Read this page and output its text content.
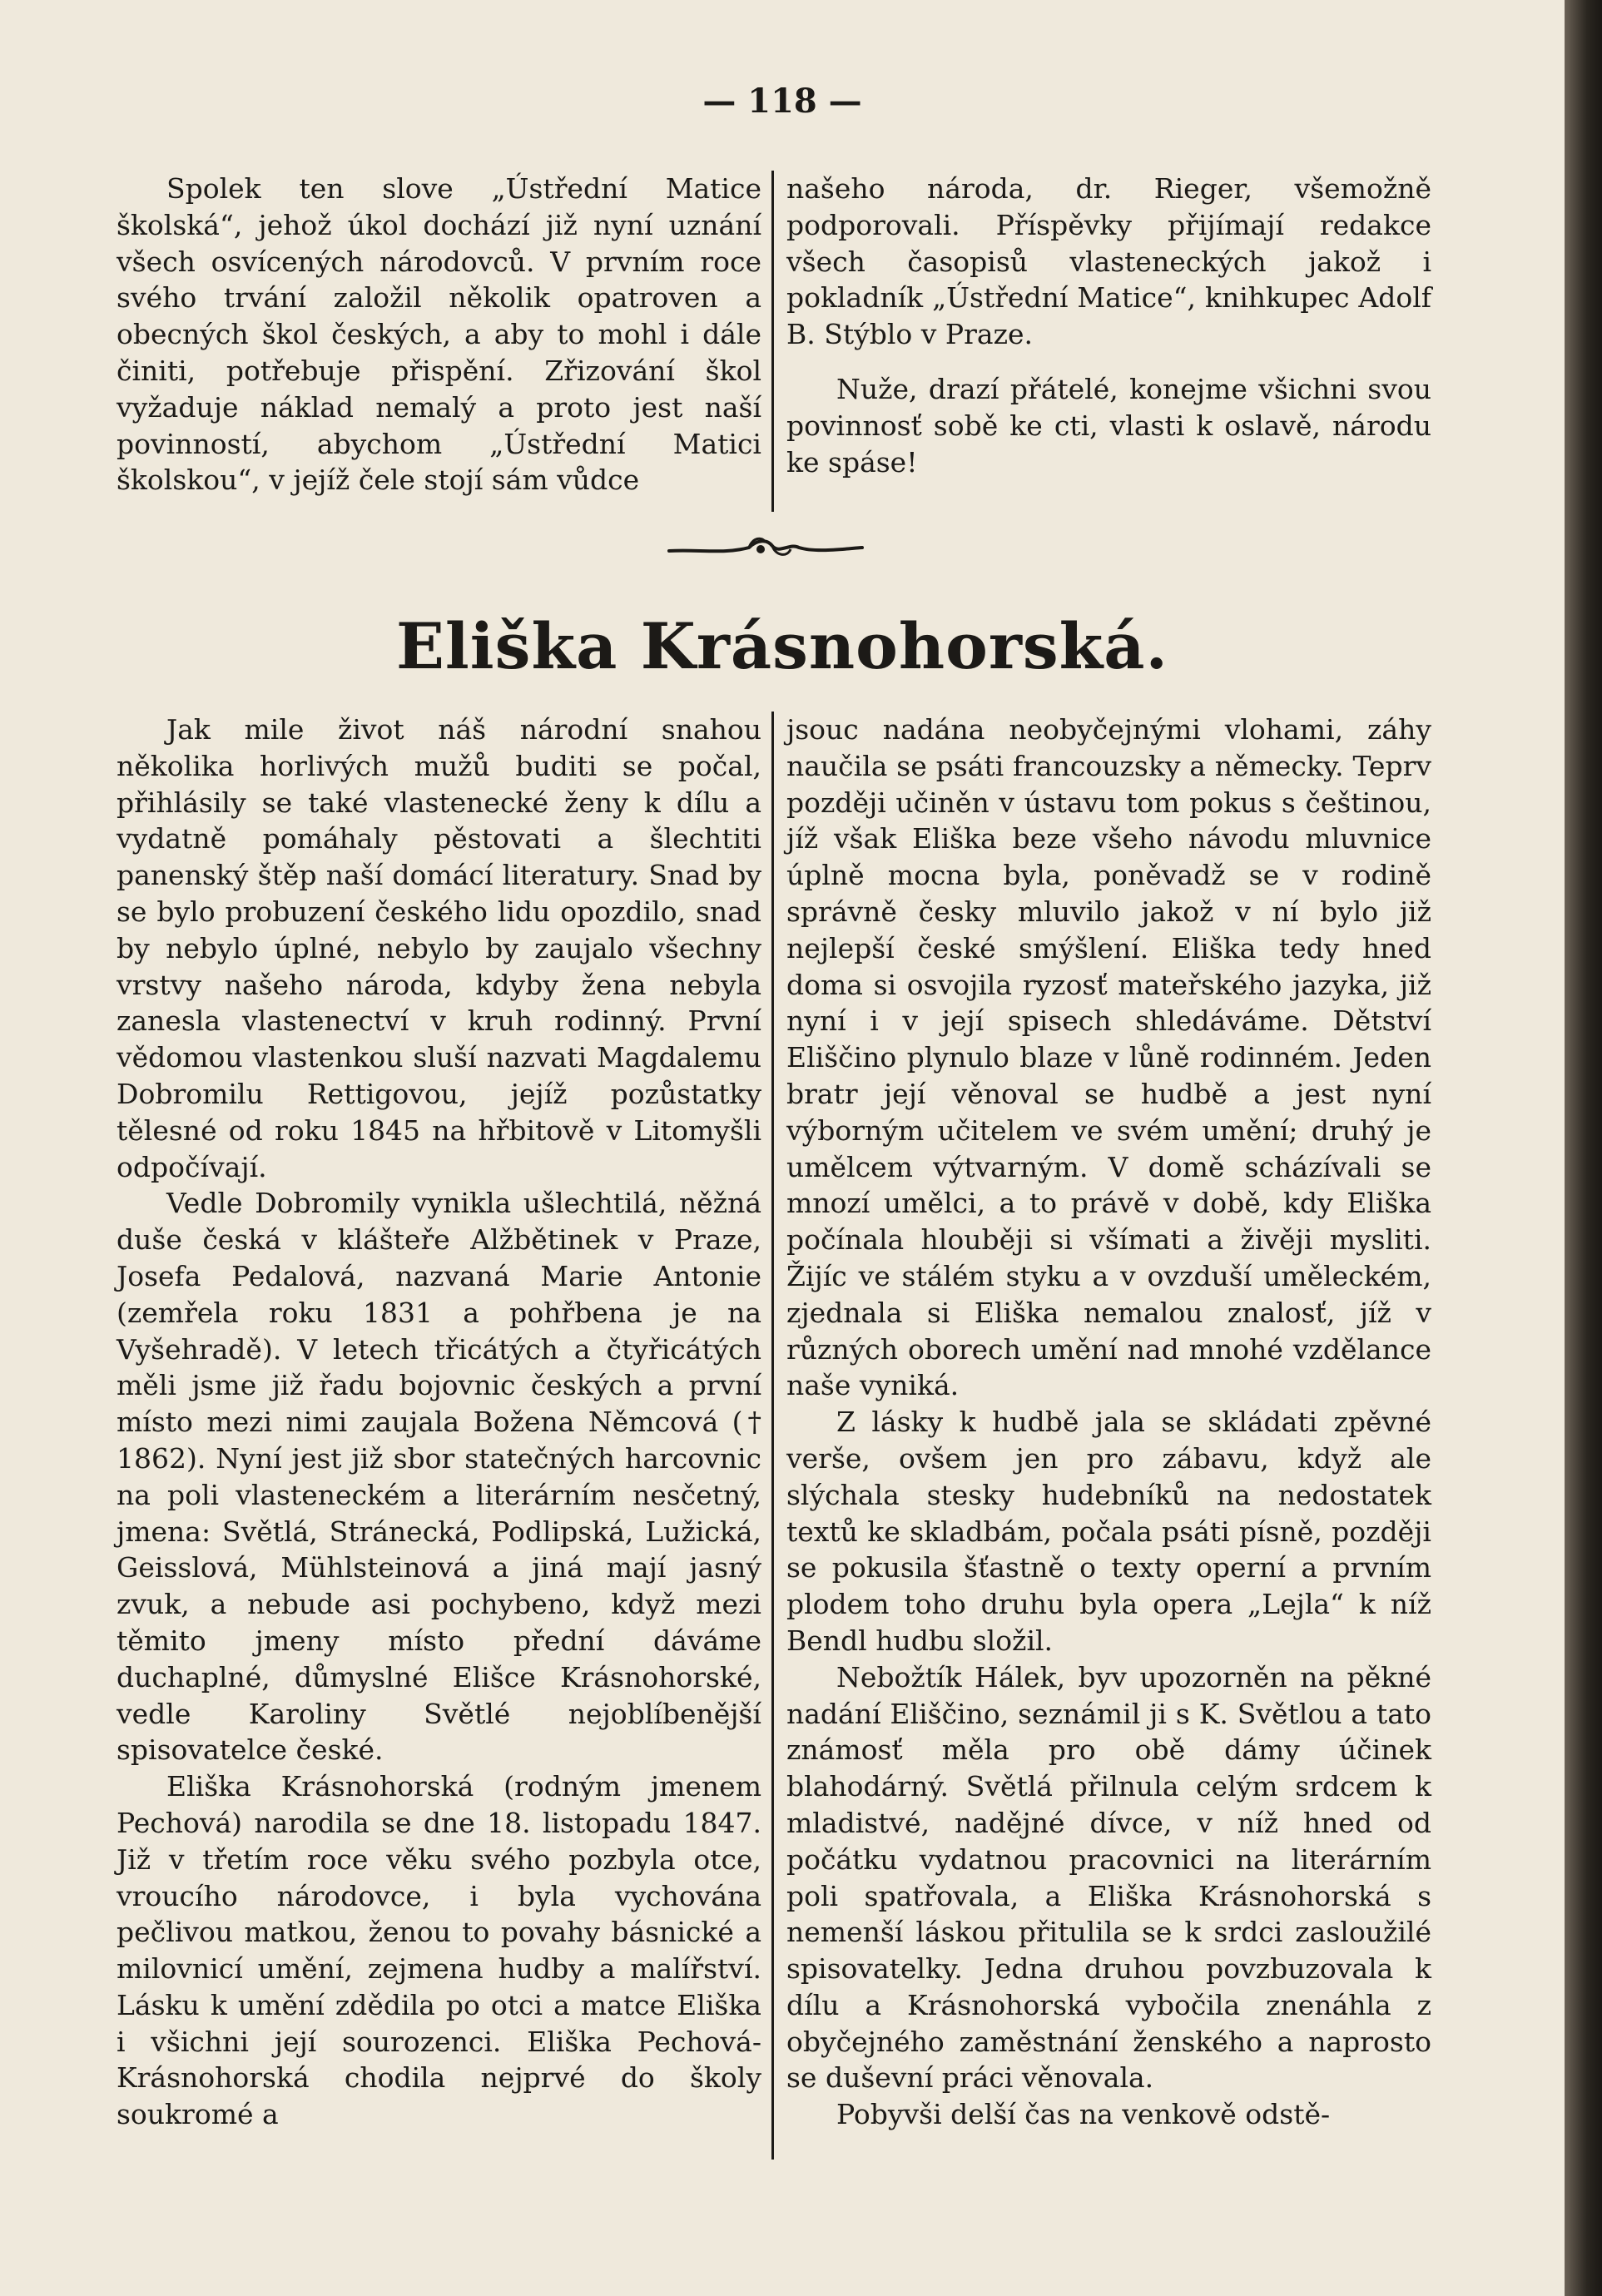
— 118 —

Spolek ten slove „Ústřední Matice školská“, jehož úkol dochází již nyní uznání všech osvícených národovců. V prvním roce svého trvání založil několik opatroven a obecných škol českých, a aby to mohl i dále činiti, potřebuje přispění. Zřizování škol vyžaduje náklad nemalý a proto jest naší povinností, abychom „Ústřední Matici školskou“, v jejíž čele stojí sám vůdce

našeho národa, dr. Rieger, všemožně podporovali. Příspěvky přijímají redakce všech časopisů vlasteneckých jakož i pokladník „Ústřední Matice“, knihkupec Adolf B. Stýblo v Praze.

Nuže, drazí přátelé, konejme všichni svou povinnosť sobě ke cti, vlasti k oslavě, národu ke spáse!

Eliška Krásnohorská.

Jak mile život náš národní snahou několika horlivých mužů buditi se počal, přihlásily se také vlastenecké ženy k dílu a vydatně pomáhaly pěstovati a šlechtiti panenský štěp naší domácí literatury. Snad by se bylo probuzení českého lidu opozdilo, snad by nebylo úplné, nebylo by zaujalo všechny vrstvy našeho národa, kdyby žena nebyla zanesla vlastenectví v kruh rodinný. První vědomou vlastenkou sluší nazvati Magdalemu Dobromilu Rettigovou, jejíž pozůstatky tělesné od roku 1845 na hřbitově v Litomyšli odpočívají.

Vedle Dobromily vynikla ušlechtilá, něžná duše česká v klášteře Alžbětinek v Praze, Josefa Pedalová, nazvaná Marie Antonie (zemřela roku 1831 a pohřbena je na Vyšehradě). V letech třicátých a čtyřicátých měli jsme již řadu bojovnic českých a první místo mezi nimi zaujala Božena Němcová († 1862). Nyní jest již sbor statečných harcovnic na poli vlasteneckém a literárním nesčetný, jmena: Světlá, Stránecká, Podlipská, Lužická, Geisslová, Mühlsteinová a jiná mají jasný zvuk, a nebude asi pochybeno, když mezi těmito jmeny místo přední dáváme duchaplné, důmyslné Elišce Krásnohorské, vedle Karoliny Světlé nejoblíbenější spisovatelce české.

Eliška Krásnohorská (rodným jmenem Pechová) narodila se dne 18. listopadu 1847. Již v třetím roce věku svého pozbyla otce, vroucího národovce, i byla vychována pečlivou matkou, ženou to povahy básnické a milovnicí umění, zejmena hudby a malířství. Lásku k umění zdědila po otci a matce Eliška i všichni její sourozenci. Eliška Pechová-Krásnohorská chodila nejprvé do školy soukromé a

jsouc nadána neobyčejnými vlohami, záhy naučila se psáti francouzsky a německy. Teprv později učiněn v ústavu tom pokus s češtinou, jíž však Eliška beze všeho návodu mluvnice úplně mocna byla, poněvadž se v rodině správně česky mluvilo jakož v ní bylo již nejlepší české smýšlení. Eliška tedy hned doma si osvojila ryzosť mateřského jazyka, již nyní i v její spisech shledáváme. Dětství Eliščino plynulo blaze v lůně rodinném. Jeden bratr její věnoval se hudbě a jest nyní výborným učitelem ve svém umění; druhý je umělcem výtvarným. V domě scházívali se mnozí umělci, a to právě v době, kdy Eliška počínala hlouběji si všímati a živěji mysliti. Žijíc ve stálém styku a v ovzduší uměleckém, zjednala si Eliška nemalou znalosť, jíž v různých oborech umění nad mnohé vzdělance naše vyniká.

Z lásky k hudbě jala se skládati zpěvné verše, ovšem jen pro zábavu, když ale slýchala stesky hudebníků na nedostatek textů ke skladbám, počala psáti písně, později se pokusila šťastně o texty operní a prvním plodem toho druhu byla opera „Lejla“ k níž Bendl hudbu složil.

Nebožtík Hálek, byv upozorněn na pěkné nadání Eliščino, seznámil ji s K. Světlou a tato známosť měla pro obě dámy účinek blahodárný. Světlá přilnula celým srdcem k mladistvé, nadějné dívce, v níž hned od počátku vydatnou pracovnici na literárním poli spatřovala, a Eliška Krásnohorská s nemenší láskou přitulila se k srdci zasloužilé spisovatelky. Jedna druhou povzbuzovala k dílu a Krásnohorská vybočila znenáhla z obyčejného zaměstnání ženského a naprosto se duševní práci věnovala.

Pobyvši delší čas na venkově odstě-
